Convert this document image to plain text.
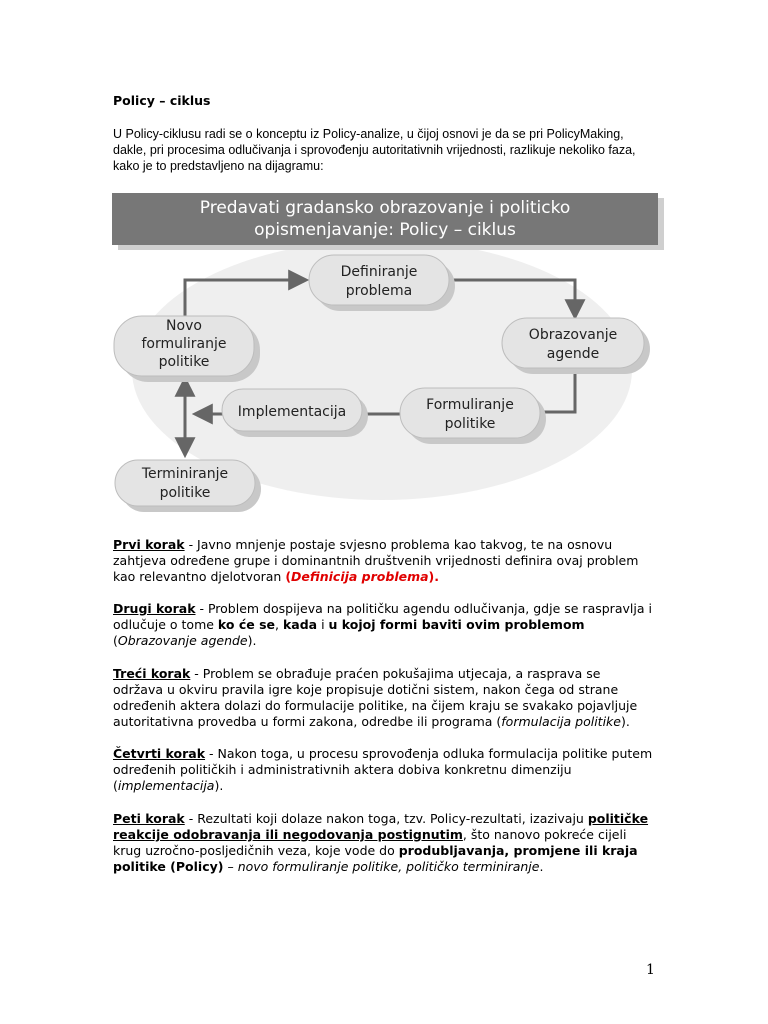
Policy – ciklus
U Policy-ciklusu radi se o konceptu iz Policy-analize, u čijoj osnovi je da se pri PolicyMaking, dakle, pri procesima odlučivanja i sprovođenju autoritativnih vrijednosti, razlikuje nekoliko faza, kako je to predstavljeno na dijagramu:
Predavati gradansko obrazovanje i politicko
opismenjavanje: Policy – ciklus
Definiranje
problema
Obrazovanje
agende
Formuliranje
politike
Implementacija
Novo
formuliranje
politike
Terminiranje
politike
Prvi korak - Javno mnjenje postaje svjesno problema kao takvog, te na osnovu zahtjeva određene grupe i dominantnih društvenih vrijednosti definira ovaj problem kao relevantno djelotvoran (Definicija problema).
Drugi korak - Problem dospijeva na političku agendu odlučivanja, gdje se raspravlja i odlučuje o tome ko će se, kada i u kojoj formi baviti ovim problemom (Obrazovanje agende).
Treći korak - Problem se obrađuje praćen pokušajima utjecaja, a rasprava se održava u okviru pravila igre koje propisuje dotični sistem, nakon čega od strane određenih aktera dolazi do formulacije politike, na čijem kraju se svakako pojavljuje autoritativna provedba u formi zakona, odredbe ili programa (formulacija politike).
Četvrti korak - Nakon toga, u procesu sprovođenja odluka formulacija politike putem određenih političkih i administrativnih aktera dobiva konkretnu dimenziju (implementacija).
Peti korak - Rezultati koji dolaze nakon toga, tzv. Policy-rezultati, izazivaju političke reakcije odobravanja ili negodovanja postignutim, što nanovo pokreće cijeli krug uzročno-posljedičnih veza, koje vode do produbljavanja, promjene ili kraja politike (Policy) – novo formuliranje politike, političko terminiranje.
1
